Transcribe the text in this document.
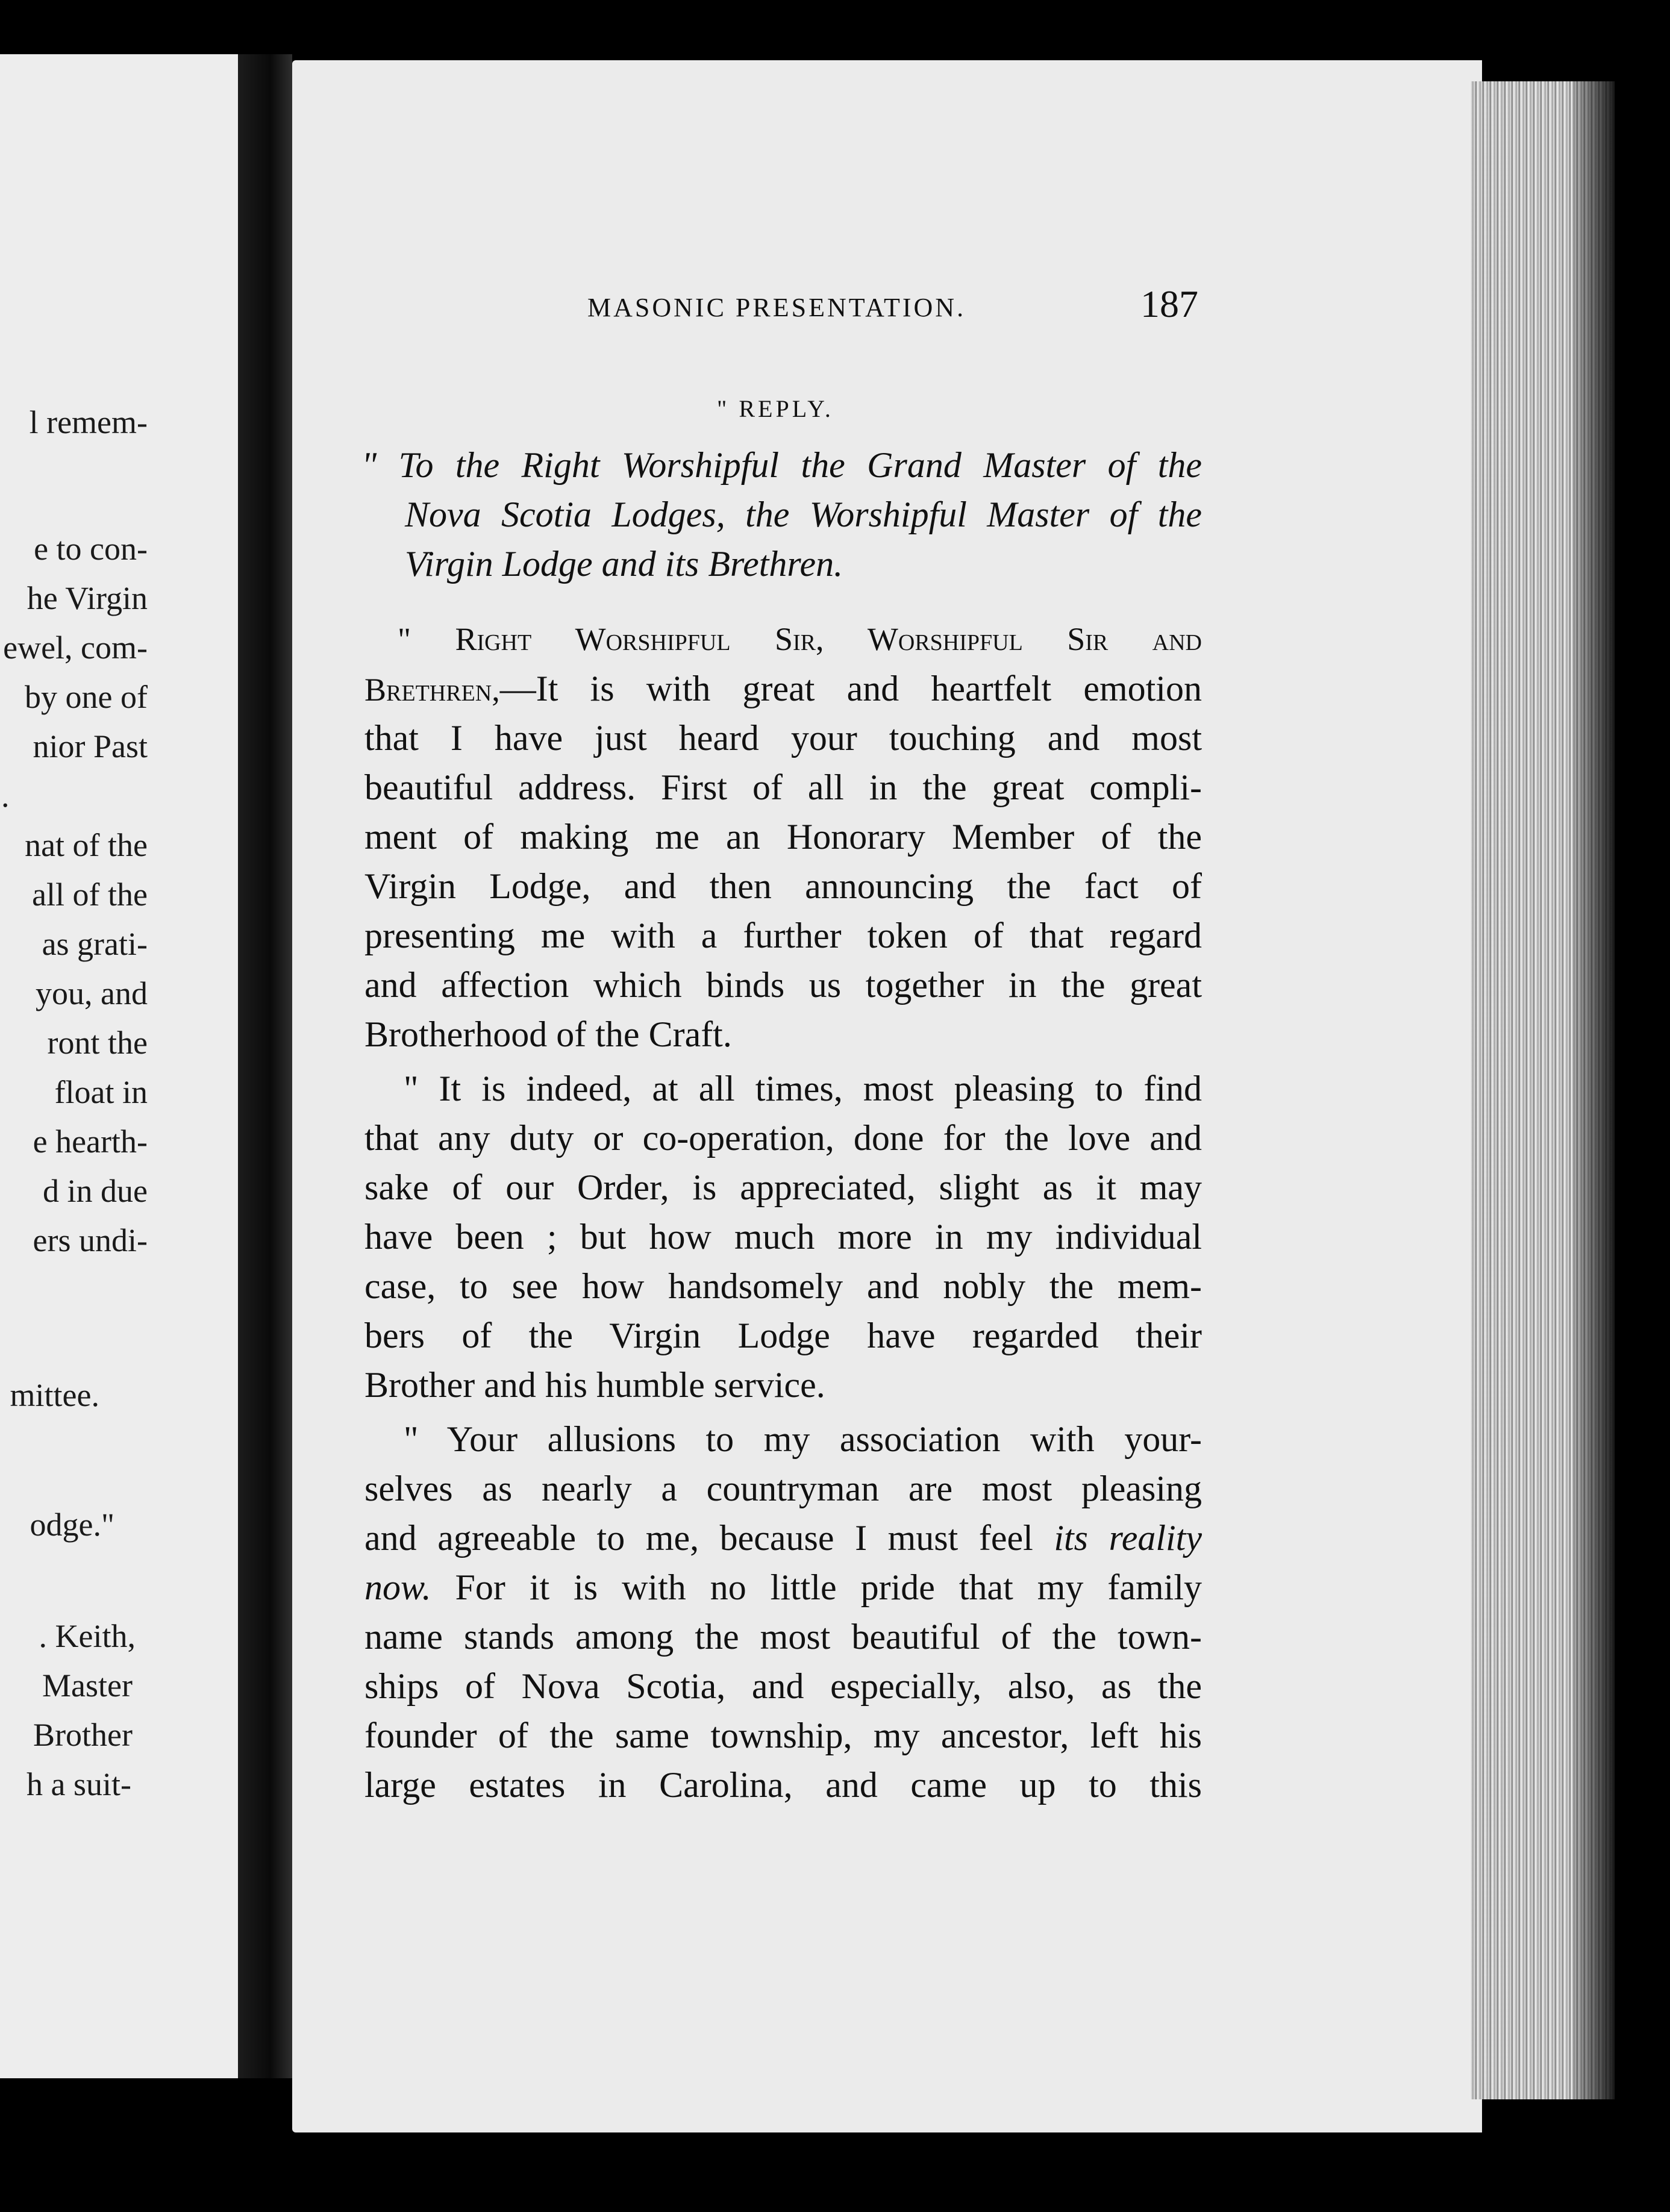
l remem-
e to con-
he Virgin
ewel, com-
by one of
nior Past
.
nat of the
all of the
as grati-
you, and
ront the
float in
e hearth-
d in due
ers undi-
mittee.
odge."
. Keith,
Master
Brother
h a suit-
MASONIC PRESENTATION.	187
" REPLY.
" To the Right Worshipful the Grand Master of the
Nova Scotia Lodges, the Worshipful Master of the
Virgin Lodge and its Brethren.
" Right Worshipful Sir, Worshipful Sir and
Brethren,—It is with great and heartfelt emotion
that I have just heard your touching and most
beautiful address. First of all in the great compli-
ment of making me an Honorary Member of the
Virgin Lodge, and then announcing the fact of
presenting me with a further token of that regard
and affection which binds us together in the great
Brotherhood of the Craft.
" It is indeed, at all times, most pleasing to find
that any duty or co-operation, done for the love and
sake of our Order, is appreciated, slight as it may
have been ; but how much more in my individual
case, to see how handsomely and nobly the mem-
bers of the Virgin Lodge have regarded their
Brother and his humble service.
" Your allusions to my association with your-
selves as nearly a countryman are most pleasing
and agreeable to me, because I must feel its reality
now. For it is with no little pride that my family
name stands among the most beautiful of the town-
ships of Nova Scotia, and especially, also, as the
founder of the same township, my ancestor, left his
large estates in Carolina, and came up to this
